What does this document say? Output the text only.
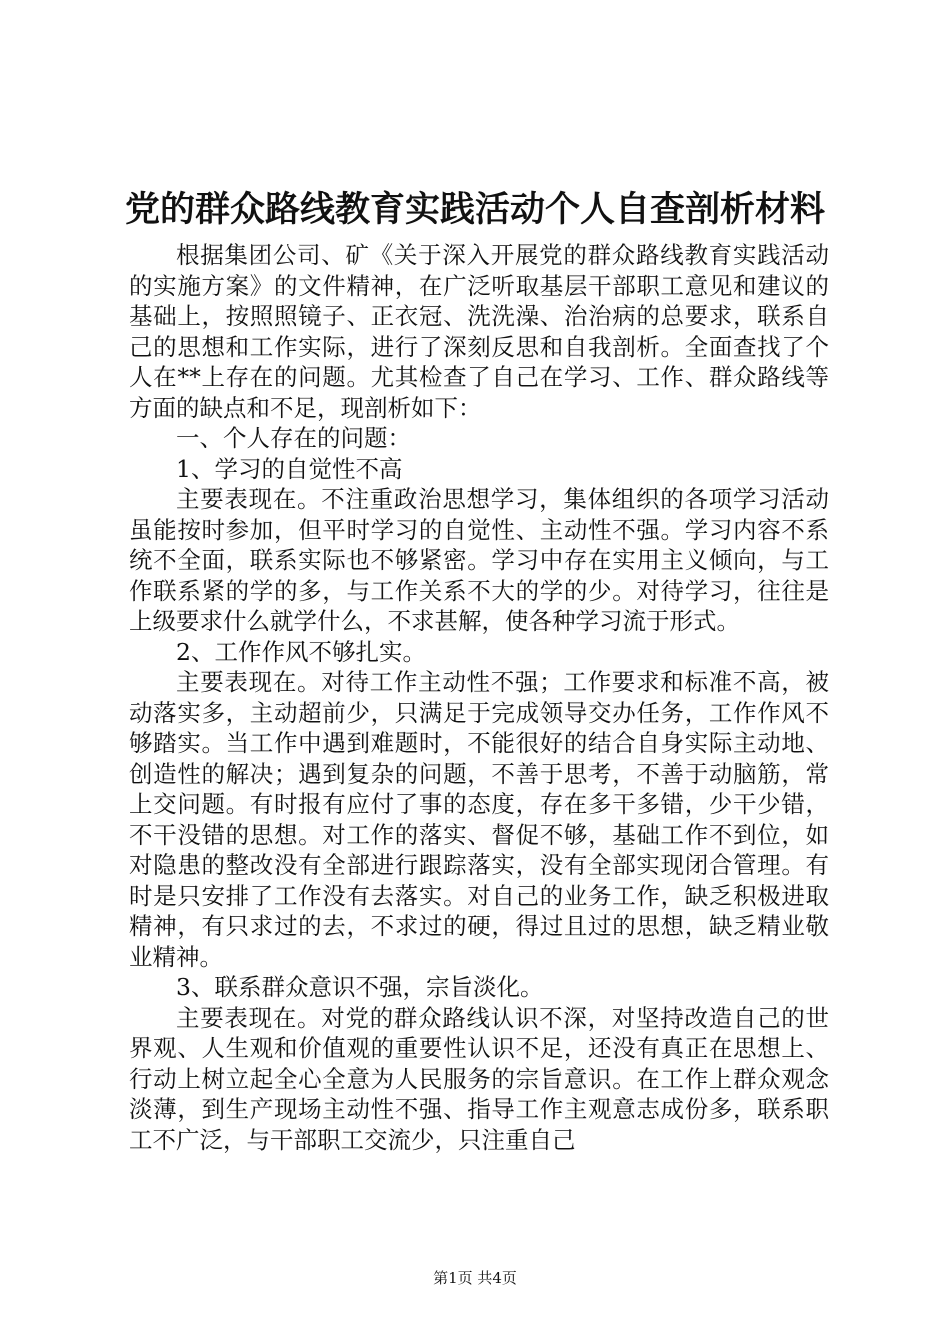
党的群众路线教育实践活动个人自查剖析材料

根据集团公司、矿《关于深入开展党的群众路线教育实践活动的实施方案》的文件精神，在广泛听取基层干部职工意见和建议的基础上，按照照镜子、正衣冠、洗洗澡、治治病的总要求，联系自己的思想和工作实际，进行了深刻反思和自我剖析。全面查找了个人在**上存在的问题。尤其检查了自己在学习、工作、群众路线等方面的缺点和不足，现剖析如下：

一、个人存在的问题：

1、学习的自觉性不高

主要表现在。不注重政治思想学习，集体组织的各项学习活动虽能按时参加，但平时学习的自觉性、主动性不强。学习内容不系统不全面，联系实际也不够紧密。学习中存在实用主义倾向，与工作联系紧的学的多，与工作关系不大的学的少。对待学习，往往是上级要求什么就学什么，不求甚解，使各种学习流于形式。

2、工作作风不够扎实。

主要表现在。对待工作主动性不强；工作要求和标准不高，被动落实多，主动超前少，只满足于完成领导交办任务，工作作风不够踏实。当工作中遇到难题时，不能很好的结合自身实际主动地、创造性的解决；遇到复杂的问题，不善于思考，不善于动脑筋，常上交问题。有时报有应付了事的态度，存在多干多错，少干少错，不干没错的思想。对工作的落实、督促不够，基础工作不到位，如对隐患的整改没有全部进行跟踪落实，没有全部实现闭合管理。有时是只安排了工作没有去落实。对自己的业务工作，缺乏积极进取精神，有只求过的去，不求过的硬，得过且过的思想，缺乏精业敬业精神。

3、联系群众意识不强，宗旨淡化。

主要表现在。对党的群众路线认识不深，对坚持改造自己的世界观、人生观和价值观的重要性认识不足，还没有真正在思想上、行动上树立起全心全意为人民服务的宗旨意识。在工作上群众观念淡薄，到生产现场主动性不强、指导工作主观意志成份多，联系职工不广泛，与干部职工交流少，只注重自己

第1页 共4页
